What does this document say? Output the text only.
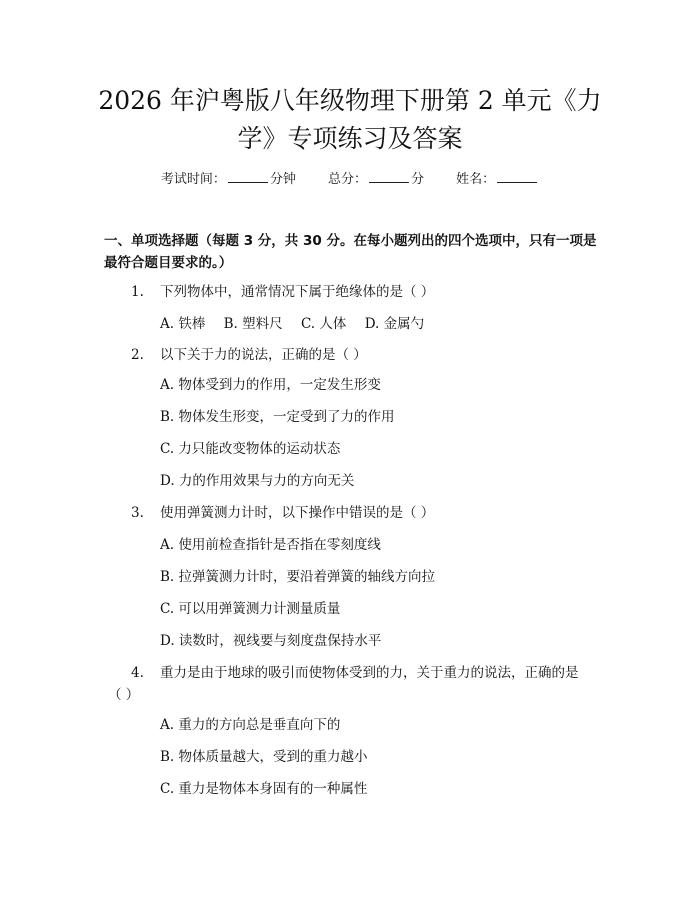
2026 年沪粤版八年级物理下册第 2 单元《力
学》专项练习及答案
考试时间：	分钟 总分：	分 姓名：
一、单项选择题（每题 3 分，共 30 分。在每小题列出的四个选项中，只有一项是
最符合题目要求的。）
1.	下列物体中，通常情况下属于绝缘体的是（ ）
A. 铁棒 B. 塑料尺 C. 人体 D. 金属勺
2.	以下关于力的说法，正确的是（ ）
A. 物体受到力的作用，一定发生形变
B. 物体发生形变，一定受到了力的作用
C. 力只能改变物体的运动状态
D. 力的作用效果与力的方向无关
3.	使用弹簧测力计时，以下操作中错误的是（ ）
A. 使用前检查指针是否指在零刻度线
B. 拉弹簧测力计时，要沿着弹簧的轴线方向拉
C. 可以用弹簧测力计测量质量
D. 读数时，视线要与刻度盘保持水平
4. 重力是由于地球的吸引而使物体受到的力，关于重力的说法，正确的是
（ ）
A. 重力的方向总是垂直向下的
B. 物体质量越大，受到的重力越小
C. 重力是物体本身固有的一种属性
